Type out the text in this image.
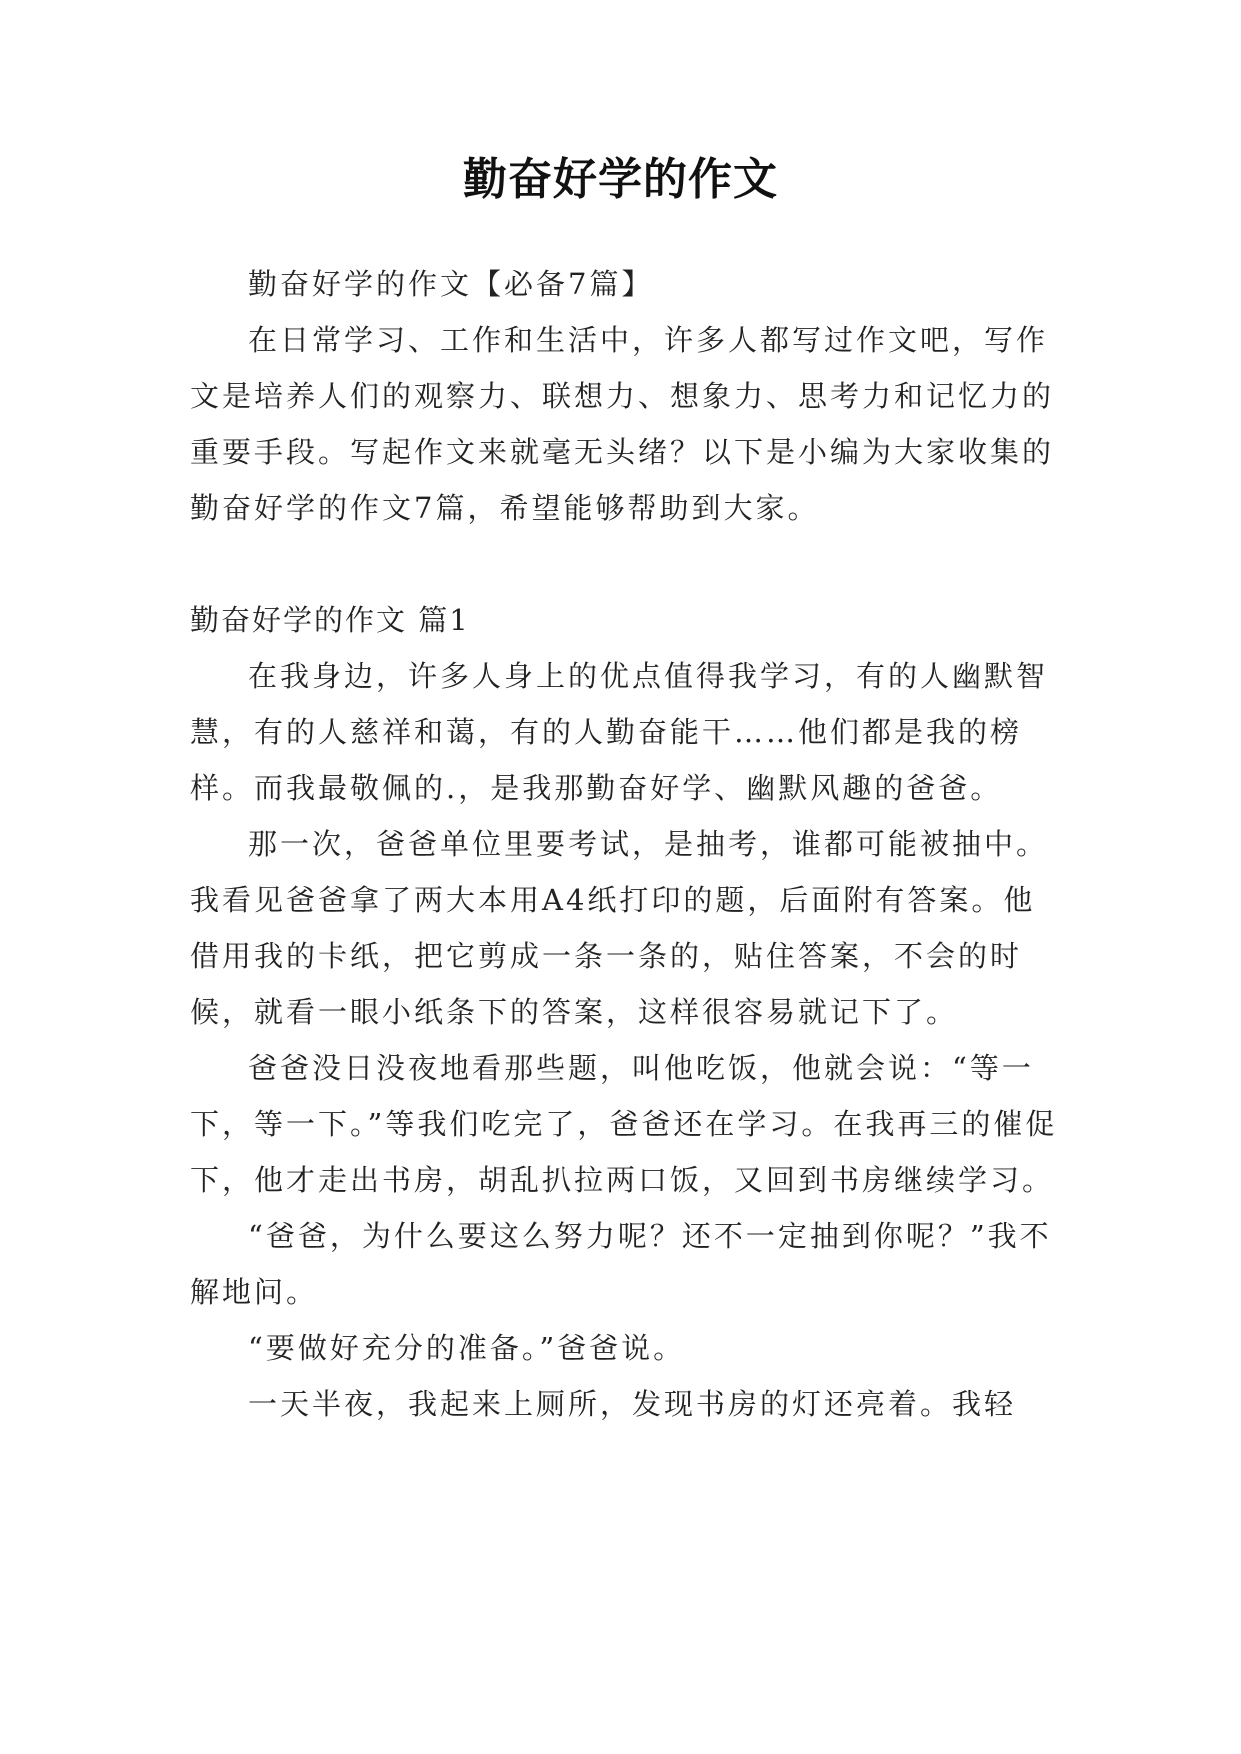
勤奋好学的作文

勤奋好学的作文【必备7篇】

在日常学习、工作和生活中，许多人都写过作文吧，写作文是培养人们的观察力、联想力、想象力、思考力和记忆力的重要手段。写起作文来就毫无头绪？以下是小编为大家收集的勤奋好学的作文7篇，希望能够帮助到大家。

勤奋好学的作文 篇1

在我身边，许多人身上的优点值得我学习，有的人幽默智慧，有的人慈祥和蔼，有的人勤奋能干……他们都是我的榜样。而我最敬佩的.，是我那勤奋好学、幽默风趣的爸爸。

那一次，爸爸单位里要考试，是抽考，谁都可能被抽中。我看见爸爸拿了两大本用A4纸打印的题，后面附有答案。他借用我的卡纸，把它剪成一条一条的，贴住答案，不会的时候，就看一眼小纸条下的答案，这样很容易就记下了。

爸爸没日没夜地看那些题，叫他吃饭，他就会说：“等一下，等一下。”等我们吃完了，爸爸还在学习。在我再三的催促下，他才走出书房，胡乱扒拉两口饭，又回到书房继续学习。

“爸爸，为什么要这么努力呢？还不一定抽到你呢？”我不解地问。

“要做好充分的准备。”爸爸说。

一天半夜，我起来上厕所，发现书房的灯还亮着。我轻
